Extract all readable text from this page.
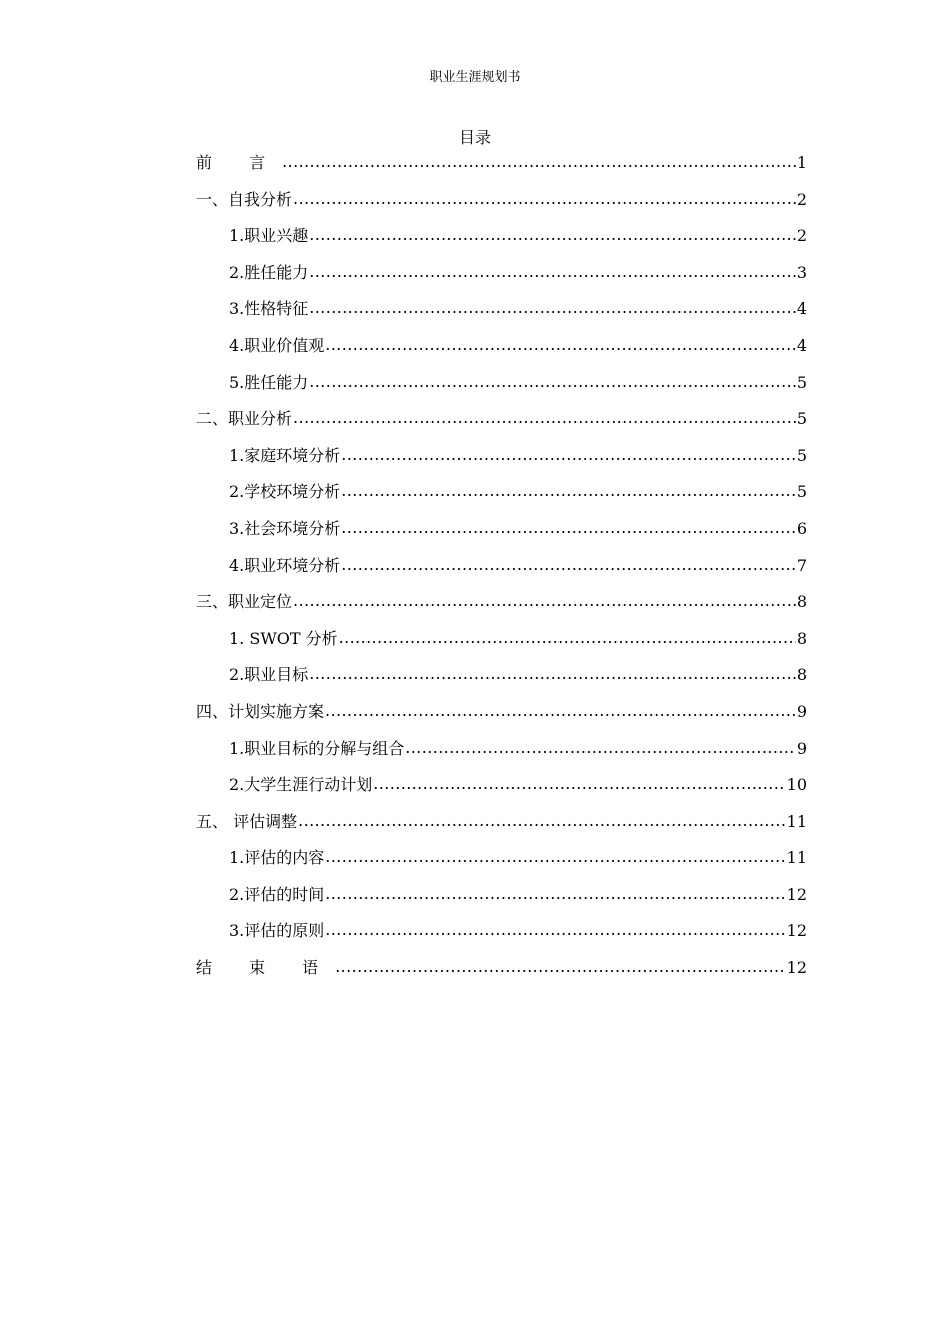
职业生涯规划书
目录
前 言 .....	1
一、自我分析 .....	2
1.职业兴趣 .....	2
2.胜任能力 .....	3
3.性格特征 .....	4
4.职业价值观 .....	4
5.胜任能力 .....	5
二、职业分析 .....	5
1.家庭环境分析 .....	5
2.学校环境分析 .....	5
3.社会环境分析 .....	6
4.职业环境分析 .....	7
三、职业定位 .....	8
1. SWOT 分析 .....	8
2.职业目标 .....	8
四、计划实施方案 .....	9
1.职业目标的分解与组合 .....	9
2.大学生涯行动计划 .....	10
五、 评估调整 .....	11
1.评估的内容 .....	11
2.评估的时间 .....	12
3.评估的原则 .....	12
结 束 语 .....	12
